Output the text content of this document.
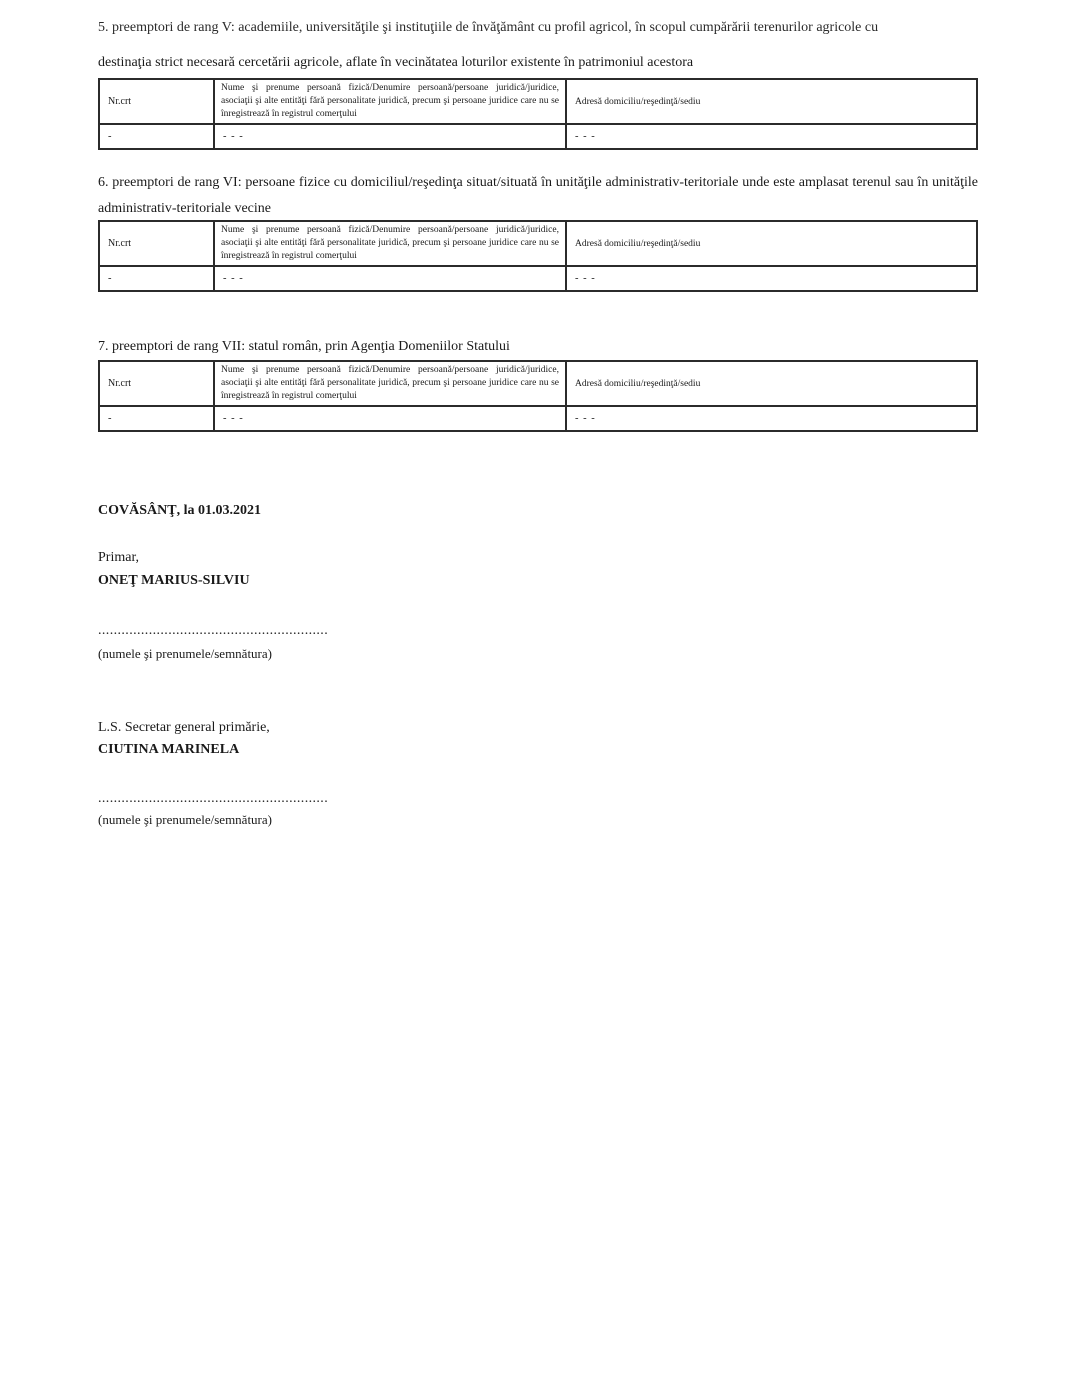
5. preemptori de rang V: academiile, universităţile şi instituţiile de învăţământ cu profil agricol, în scopul cumpărării terenurilor agricole cu

destinaţia strict necesară cercetării agricole, aflate în vecinătatea loturilor existente în patrimoniul acestora

Nr.crt	Nume şi prenume persoană fizică/Denumire persoană/persoane juridică/juridice, asociaţii şi alte entităţi fără personalitate juridică, precum şi persoane juridice care nu se înregistrează în registrul comerţului	Adresă domiciliu/reşedinţă/sediu
-	- - -	- - -

6. preemptori de rang VI: persoane fizice cu domiciliul/reşedinţa situat/situată în unităţile administrativ-teritoriale unde este amplasat terenul sau în unităţile administrativ-teritoriale vecine

Nr.crt	Nume şi prenume persoană fizică/Denumire persoană/persoane juridică/juridice, asociaţii şi alte entităţi fără personalitate juridică, precum şi persoane juridice care nu se înregistrează în registrul comerţului	Adresă domiciliu/reşedinţă/sediu
-	- - -	- - -

7. preemptori de rang VII: statul român, prin Agenţia Domeniilor Statului

Nr.crt	Nume şi prenume persoană fizică/Denumire persoană/persoane juridică/juridice, asociaţii şi alte entităţi fără personalitate juridică, precum şi persoane juridice care nu se înregistrează în registrul comerţului	Adresă domiciliu/reşedinţă/sediu
-	- - -	- - -

COVĂSÂNŢ, la 01.03.2021

Primar,

ONEŢ MARIUS-SILVIU

...........................................................

(numele şi prenumele/semnătura)

L.S. Secretar general primărie,

CIUTINA MARINELA

...........................................................

(numele şi prenumele/semnătura)
